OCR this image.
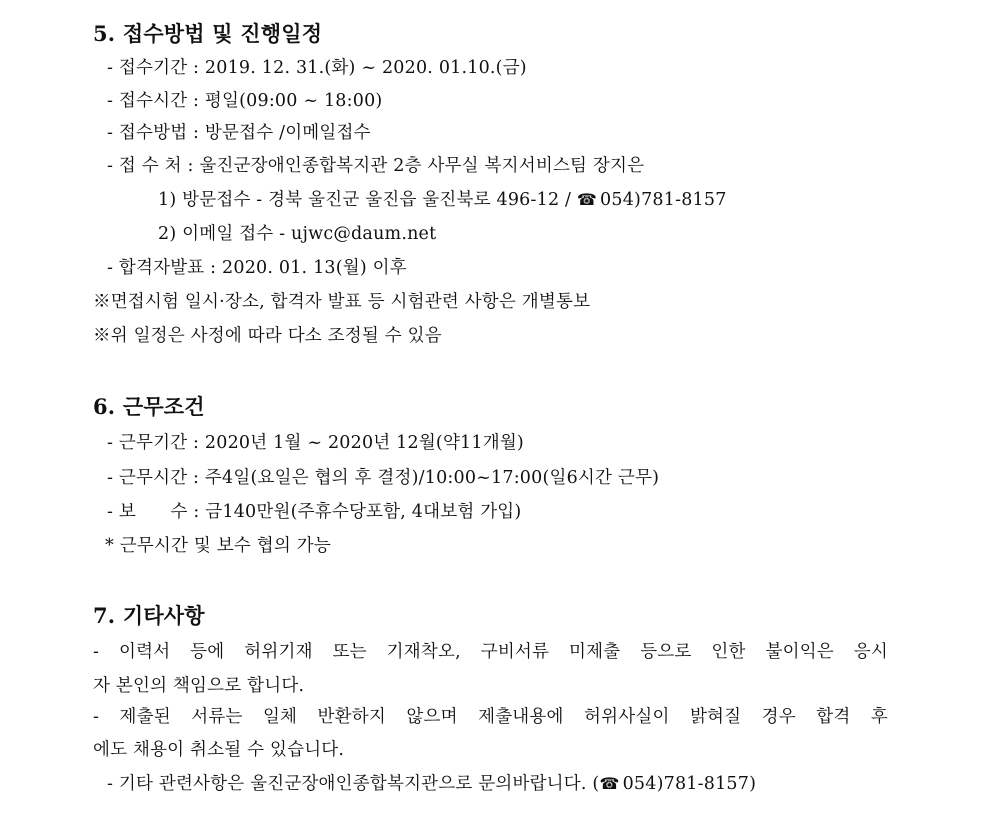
5. 접수방법 및 진행일정
- 접수기간 : 2019. 12. 31.(화) ~ 2020. 01.10.(금)
- 접수시간 : 평일(09:00 ~ 18:00)
- 접수방법 : 방문접수 /이메일접수
- 접 수 처 : 울진군장애인종합복지관 2층 사무실 복지서비스팀 장지은
1) 방문접수 - 경북 울진군 울진읍 울진북로 496-12 / ☎ 054)781-8157
2) 이메일 접수 - ujwc@daum.net
- 합격자발표 : 2020. 01. 13(월) 이후
※면접시험 일시·장소, 합격자 발표 등 시험관련 사항은 개별통보
※위 일정은 사정에 따라 다소 조정될 수 있음
6. 근무조건
- 근무기간 : 2020년 1월 ~ 2020년 12월(약11개월)
- 근무시간 : 주4일(요일은 협의 후 결정)/10:00~17:00(일6시간 근무)
- 보      수 : 금140만원(주휴수당포함, 4대보험 가입)
* 근무시간 및 보수 협의 가능
7. 기타사항
- 이력서 등에 허위기재 또는 기재착오, 구비서류 미제출 등으로 인한 불이익은 응시
자 본인의 책임으로 합니다.
- 제출된 서류는 일체 반환하지 않으며 제출내용에 허위사실이 밝혀질 경우 합격 후
에도 채용이 취소될 수 있습니다.
- 기타 관련사항은 울진군장애인종합복지관으로 문의바랍니다. (☎ 054)781-8157)
